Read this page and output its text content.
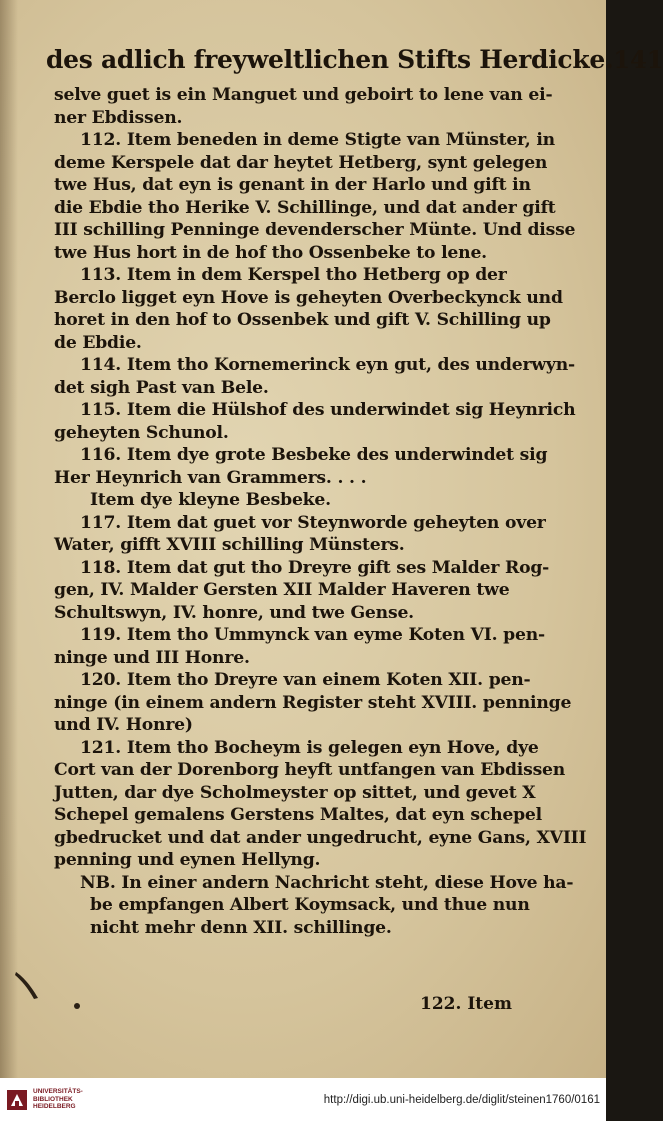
des adlich freyweltlichen Stifts Herdicke. 141
selve guet is ein Manguet und geboirt to lene van ei-
ner Ebdissen.
112. Item beneden in deme Stigte van Münster, in
deme Kerspele dat dar heytet Hetberg, synt gelegen
twe Hus, dat eyn is genant in der Harlo und gift in
die Ebdie tho Herike V. Schillinge, und dat ander gift
III schilling Penninge devenderscher Münte. Und disse
twe Hus hort in de hof tho Ossenbeke to lene.
113. Item in dem Kerspel tho Hetberg op der
Berclo ligget eyn Hove is geheyten Overbeckynck und
horet in den hof to Ossenbek und gift V. Schilling up
de Ebdie.
114. Item tho Kornemerinck eyn gut, des underwyn-
det sigh Past van Bele.
115. Item die Hülshof des underwindet sig Heynrich
geheyten Schunol.
116. Item dye grote Besbeke des underwindet sig
Her Heynrich van Grammers. . . .
Item dye kleyne Besbeke.
117. Item dat guet vor Steynworde geheyten over
Water, gifft XVIII schilling Münsters.
118. Item dat gut tho Dreyre gift ses Malder Rog-
gen, IV. Malder Gersten XII Malder Haveren twe
Schultswyn, IV. honre, und twe Gense.
119. Item tho Ummynck van eyme Koten VI. pen-
ninge und III Honre.
120. Item tho Dreyre van einem Koten XII. pen-
ninge (in einem andern Register steht XVIII. penninge
und IV. Honre)
121. Item tho Bocheym is gelegen eyn Hove, dye
Cort van der Dorenborg heyft untfangen van Ebdissen
Jutten, dar dye Scholmeyster op sittet, und gevet X
Schepel gemalens Gerstens Maltes, dat eyn schepel
gbedrucket und dat ander ungedrucht, eyne Gans, XVIII
penning und eynen Hellyng.
NB. In einer andern Nachricht steht, diese Hove ha-
be empfangen Albert Koymsack, und thue nun
nicht mehr denn XII. schillinge.
122. Item
UNIVERSITÄTS-
BIBLIOTHEK
HEIDELBERG
http://digi.ub.uni-heidelberg.de/diglit/steinen1760/0161
